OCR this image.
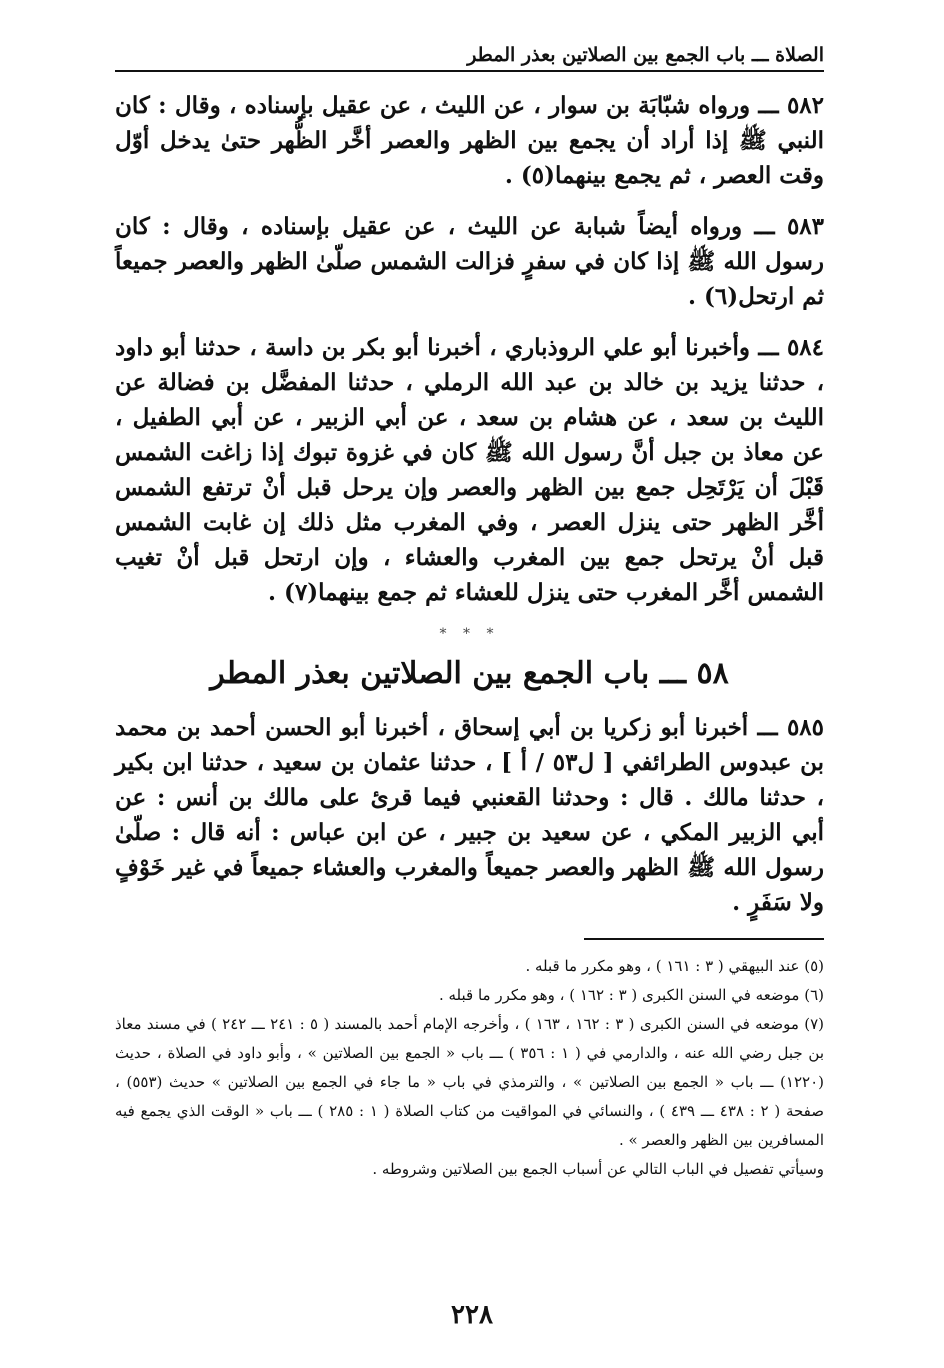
الصلاة ـــ باب الجمع بين الصلاتين بعذر المطر

٥٨٢ ـــ ورواه شبّابَة بن سوار ، عن الليث ، عن عقيل بإسناده ، وقال : كان النبي ﷺ إذا أراد أن يجمع بين الظهر والعصر أخَّر الظُّهر حتىٰ يدخل أوّل وقت العصر ، ثم يجمع بينهما(٥) .

٥٨٣ ـــ ورواه أيضاً شبابة عن الليث ، عن عقيل بإسناده ، وقال : كان رسول الله ﷺ إذا كان في سفرٍ فزالت الشمس صلّىٰ الظهر والعصر جميعاً ثم ارتحل(٦) .

٥٨٤ ـــ وأخبرنا أبو علي الروذباري ، أخبرنا أبو بكر بن داسة ، حدثنا أبو داود ، حدثنا يزيد بن خالد بن عبد الله الرملي ، حدثنا المفضَّل بن فضالة عن الليث بن سعد ، عن هشام بن سعد ، عن أبي الزبير ، عن أبي الطفيل ، عن معاذ بن جبل أنَّ رسول الله ﷺ كان في غزوة تبوك إذا زاغت الشمس قَبْلَ أن يَرْتَحِل جمع بين الظهر والعصر وإن يرحل قبل أنْ ترتفع الشمس أخَّر الظهر حتى ينزل العصر ، وفي المغرب مثل ذلك إن غابت الشمس قبل أنْ يرتحل جمع بين المغرب والعشاء ، وإن ارتحل قبل أنْ تغيب الشمس أخَّر المغرب حتى ينزل للعشاء ثم جمع بينهما(٧) .

* * *
٥٨ ـــ باب الجمع بين الصلاتين بعذر المطر

٥٨٥ ـــ أخبرنا أبو زكريا بن أبي إسحاق ، أخبرنا أبو الحسن أحمد بن محمد بن عبدوس الطرائفي [ ل٥٣ / أ ] ، حدثنا عثمان بن سعيد ، حدثنا ابن بكير ، حدثنا مالك . قال : وحدثنا القعنبي فيما قرئ على مالك بن أنس : عن أبي الزبير المكي ، عن سعيد بن جبير ، عن ابن عباس : أنه قال : صلّىٰ رسول الله ﷺ الظهر والعصر جميعاً والمغرب والعشاء جميعاً في غير خَوْفٍ ولا سَفَرٍ .

(٥) عند البيهقي ( ٣ : ١٦١ ) ، وهو مكرر ما قبله .

(٦) موضعه في السنن الكبرى ( ٣ : ١٦٢ ) ، وهو مكرر ما قبله .

(٧) موضعه في السنن الكبرى ( ٣ : ١٦٢ ، ١٦٣ ) ، وأخرجه الإمام أحمد بالمسند ( ٥ : ٢٤١ ـــ ٢٤٢ ) في مسند معاذ بن جبل رضي الله عنه ، والدارمي في ( ١ : ٣٥٦ ) ـــ باب « الجمع بين الصلاتين » ، وأبو داود في الصلاة ، حديث (١٢٢٠) ـــ باب « الجمع بين الصلاتين » ، والترمذي في باب « ما جاء في الجمع بين الصلاتين » حديث (٥٥٣) ، صفحة ( ٢ : ٤٣٨ ـــ ٤٣٩ ) ، والنسائي في المواقيت من كتاب الصلاة ( ١ : ٢٨٥ ) ـــ باب « الوقت الذي يجمع فيه المسافرين بين الظهر والعصر » .

وسيأتي تفصيل في الباب التالي عن أسباب الجمع بين الصلاتين وشروطه .

٢٢٨
